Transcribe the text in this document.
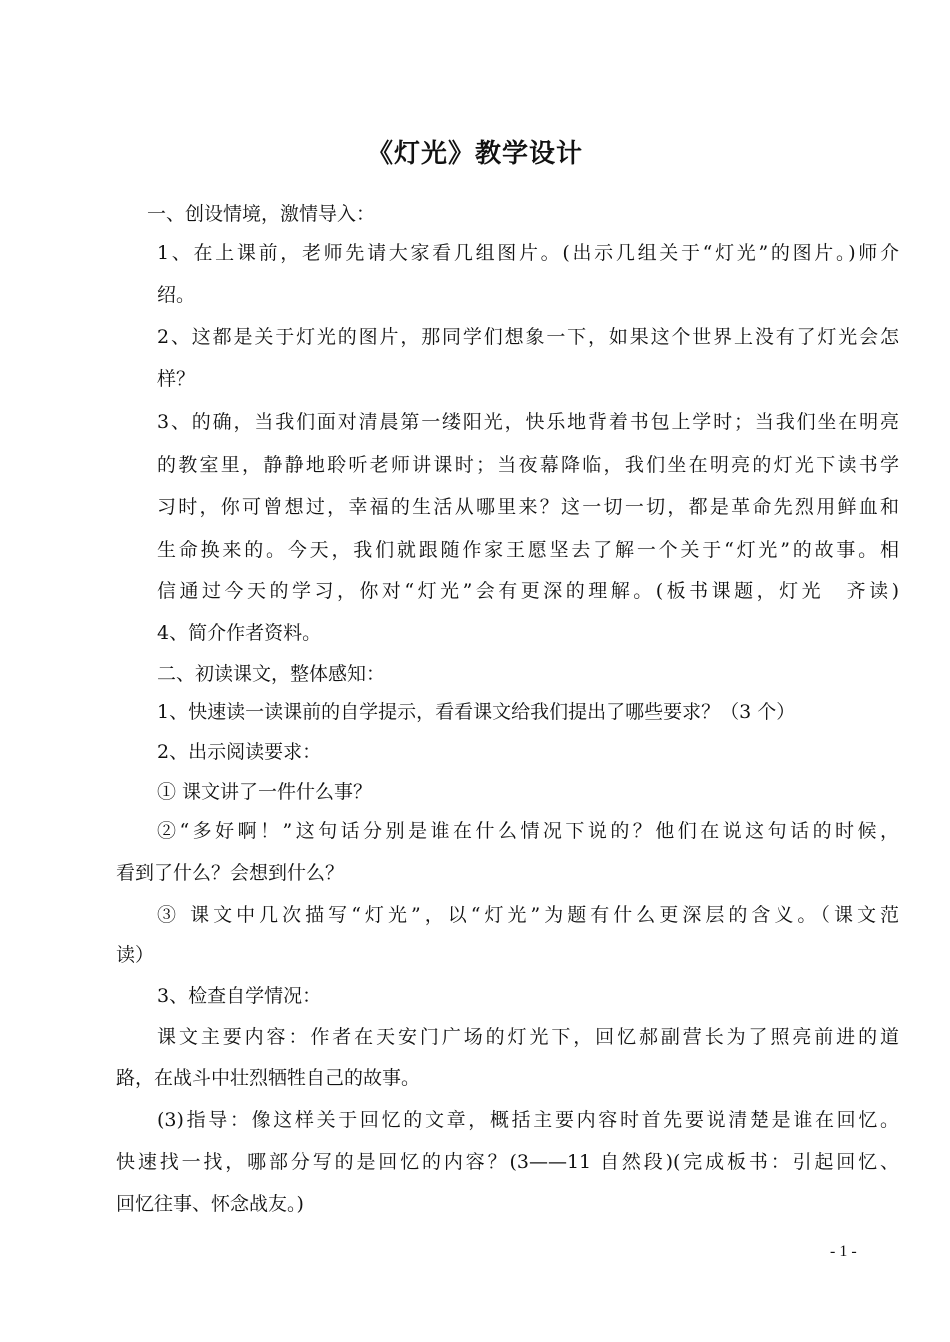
《灯光》教学设计
一、创设情境，激情导入：
1、在上课前，老师先请大家看几组图片。(出示几组关于“灯光”的图片。)师介
绍。
2、这都是关于灯光的图片，那同学们想象一下，如果这个世界上没有了灯光会怎
样？
3、的确，当我们面对清晨第一缕阳光，快乐地背着书包上学时；当我们坐在明亮
的教室里，静静地聆听老师讲课时；当夜幕降临，我们坐在明亮的灯光下读书学
习时，你可曾想过，幸福的生活从哪里来？这一切一切，都是革命先烈用鲜血和
生命换来的。今天，我们就跟随作家王愿坚去了解一个关于“灯光”的故事。相
信通过今天的学习，你对“灯光”会有更深的理解。(板书课题，灯光　齐读)
4、简介作者资料。
二、初读课文，整体感知：
1、快速读一读课前的自学提示，看看课文给我们提出了哪些要求？（3 个）
2、出示阅读要求：
① 课文讲了一件什么事？
②“多好啊！”这句话分别是谁在什么情况下说的？他们在说这句话的时候，
看到了什么？会想到什么？
③ 课文中几次描写“灯光”，以“灯光”为题有什么更深层的含义。（课文范
读）
3、检查自学情况：
课文主要内容：作者在天安门广场的灯光下，回忆郝副营长为了照亮前进的道
路，在战斗中壮烈牺牲自己的故事。
(3)指导：像这样关于回忆的文章，概括主要内容时首先要说清楚是谁在回忆。
快速找一找，哪部分写的是回忆的内容？(3——11 自然段)(完成板书：引起回忆、
回忆往事、怀念战友。)
- 1 -
